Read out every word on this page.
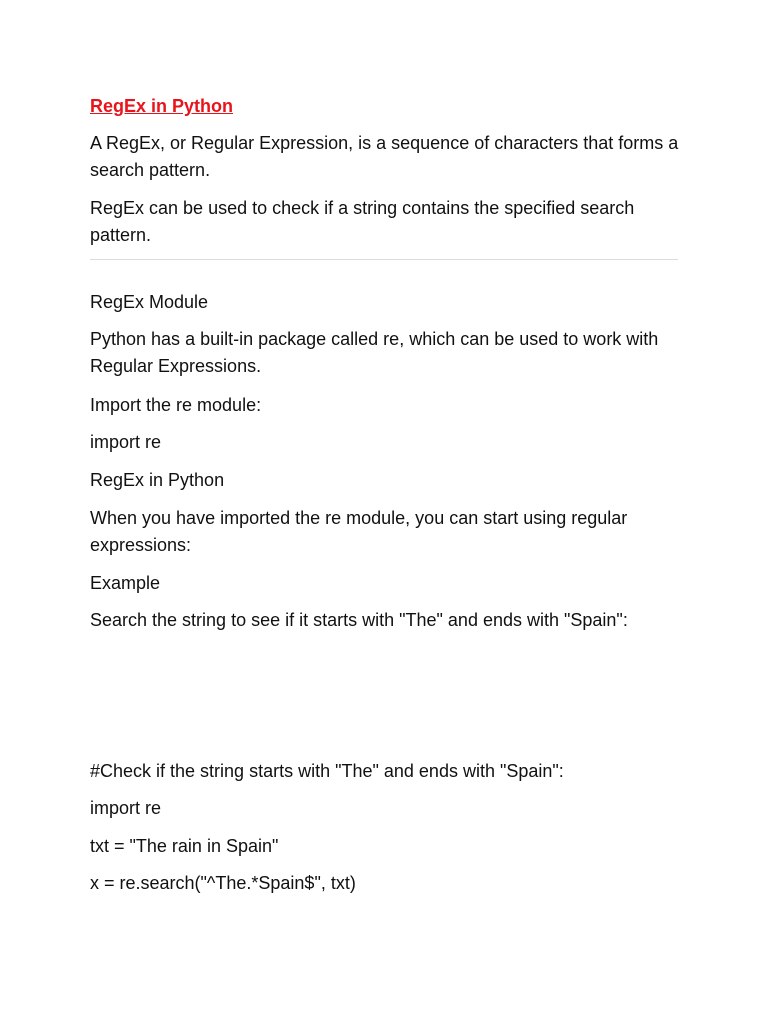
RegEx in Python
A RegEx, or Regular Expression, is a sequence of characters that forms a search pattern.
RegEx can be used to check if a string contains the specified search pattern.
RegEx Module
Python has a built-in package called re, which can be used to work with Regular Expressions.
Import the re module:
import re
RegEx in Python
When you have imported the re module, you can start using regular expressions:
Example
Search the string to see if it starts with "The" and ends with "Spain":
#Check if the string starts with "The" and ends with "Spain":
import re
txt = "The rain in Spain"
x = re.search("^The.*Spain$", txt)
